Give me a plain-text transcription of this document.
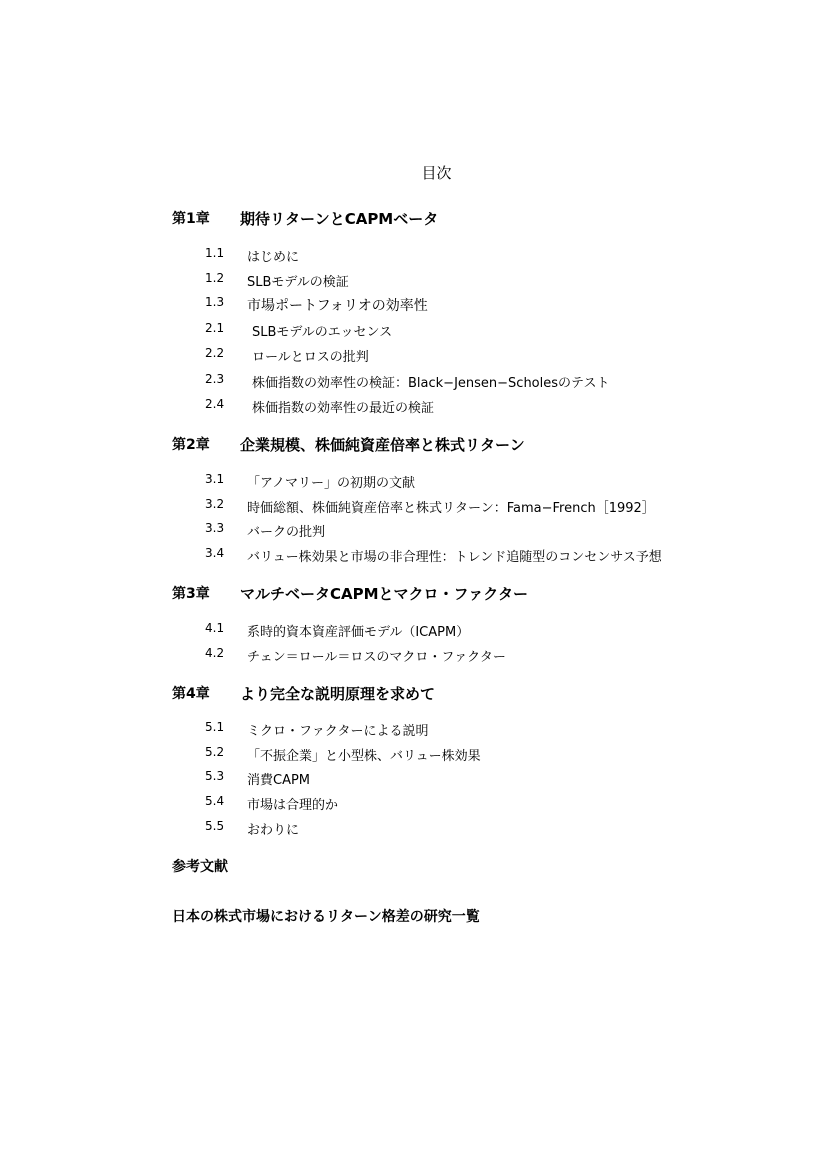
目次
第1章 期待リターンとCAPMベータ
1.1 はじめに
1.2 SLBモデルの検証
1.3 市場ポートフォリオの効率性
2.1 SLBモデルのエッセンス
2.2 ロールとロスの批判
2.3 株価指数の効率性の検証：Black−Jensen−Scholesのテスト
2.4 株価指数の効率性の最近の検証
第2章 企業規模、株価純資産倍率と株式リターン
3.1 「アノマリー」の初期の文献
3.2 時価総額、株価純資産倍率と株式リターン：Fama−French［1992］
3.3 バークの批判
3.4 バリュー株効果と市場の非合理性：トレンド追随型のコンセンサス予想
第3章 マルチベータCAPMとマクロ・ファクター
4.1 系時的資本資産評価モデル（ICAPM）
4.2 チェン＝ロール＝ロスのマクロ・ファクター
第4章 より完全な説明原理を求めて
5.1 ミクロ・ファクターによる説明
5.2 「不振企業」と小型株、バリュー株効果
5.3 消費CAPM
5.4 市場は合理的か
5.5 おわりに
参考文献
日本の株式市場におけるリターン格差の研究一覧
